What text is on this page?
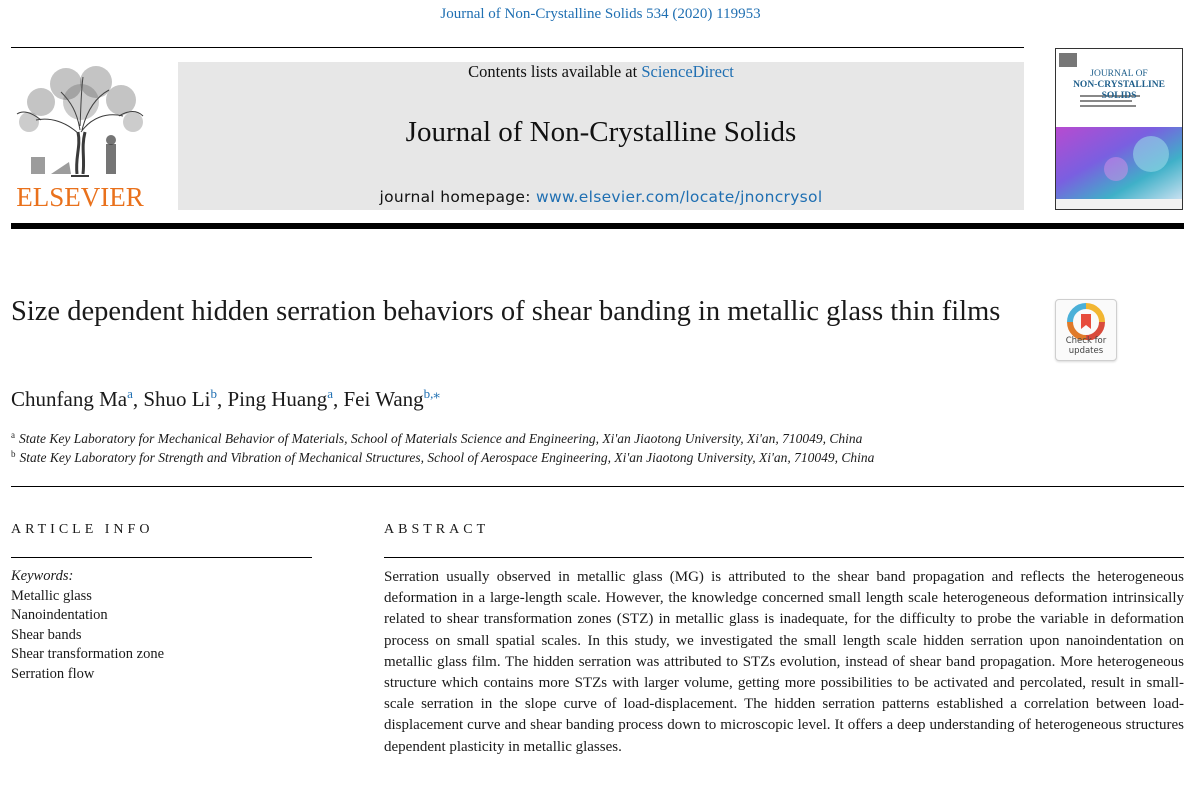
Journal of Non-Crystalline Solids 534 (2020) 119953
ELSEVIER
Contents lists available at ScienceDirect
Journal of Non-Crystalline Solids
journal homepage: www.elsevier.com/locate/jnoncrysol
JOURNAL OF
NON-CRYSTALLINE SOLIDS
Size dependent hidden serration behaviors of shear banding in metallic glass thin films
Check for
updates
Chunfang Ma$^a$, Shuo Li$^b$, Ping Huang$^a$, Fei Wang$^{b,⁎}$
$^a$ State Key Laboratory for Mechanical Behavior of Materials, School of Materials Science and Engineering, Xi'an Jiaotong University, Xi'an, 710049, China
$^b$ State Key Laboratory for Strength and Vibration of Mechanical Structures, School of Aerospace Engineering, Xi'an Jiaotong University, Xi'an, 710049, China
ARTICLE INFO
Keywords:
Metallic glass
Nanoindentation
Shear bands
Shear transformation zone
Serration flow
ABSTRACT
Serration usually observed in metallic glass (MG) is attributed to the shear band propagation and reflects the heterogeneous deformation in a large-length scale. However, the knowledge concerned small length scale heterogeneous deformation intrinsically related to shear transformation zones (STZ) in metallic glass is inadequate, for the difficulty to probe the variable in deformation process on small spatial scales. In this study, we investigated the small length scale hidden serration upon nanoindentation on metallic glass film. The hidden serration was attributed to STZs evolution, instead of shear band propagation. More heterogeneous structure which contains more STZs with larger volume, getting more possibilities to be activated and percolated, result in small-scale serration in the slope curve of load-displacement. The hidden serration patterns established a correlation between load-displacement curve and shear banding process down to microscopic level. It offers a deep understanding of heterogeneous structures dependent plasticity in metallic glasses.
